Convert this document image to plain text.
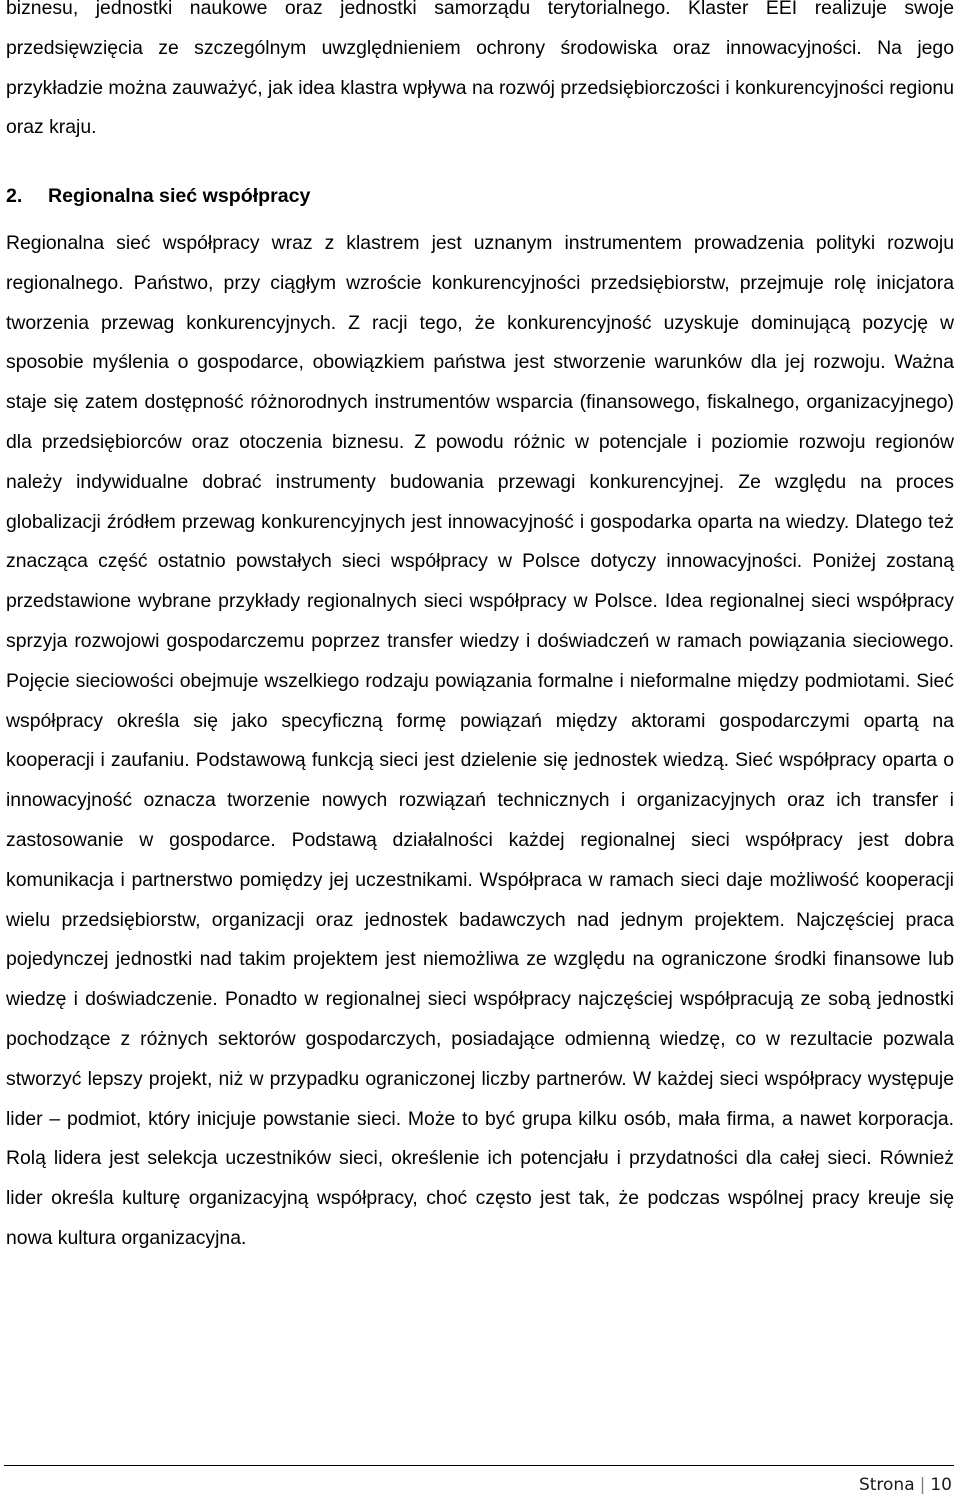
biznesu, jednostki naukowe oraz jednostki samorządu terytorialnego. Klaster EEI realizuje swoje przedsięwzięcia ze szczególnym uwzględnieniem ochrony środowiska oraz innowacyjności. Na jego przykładzie można zauważyć, jak idea klastra wpływa na rozwój przedsiębiorczości i konkurencyjności regionu oraz kraju.

2. Regionalna sieć współpracy

Regionalna sieć współpracy wraz z klastrem jest uznanym instrumentem prowadzenia polityki rozwoju regionalnego. Państwo, przy ciągłym wzroście konkurencyjności przedsiębiorstw, przejmuje rolę inicjatora tworzenia przewag konkurencyjnych. Z racji tego, że konkurencyjność uzyskuje dominującą pozycję w sposobie myślenia o gospodarce, obowiązkiem państwa jest stworzenie warunków dla jej rozwoju. Ważna staje się zatem dostępność różnorodnych instrumentów wsparcia (finansowego, fiskalnego, organizacyjnego) dla przedsiębiorców oraz otoczenia biznesu. Z powodu różnic w potencjale i poziomie rozwoju regionów należy indywidualne dobrać instrumenty budowania przewagi konkurencyjnej. Ze względu na proces globalizacji źródłem przewag konkurencyjnych jest innowacyjność i gospodarka oparta na wiedzy. Dlatego też znacząca część ostatnio powstałych sieci współpracy w Polsce dotyczy innowacyjności. Poniżej zostaną przedstawione wybrane przykłady regionalnych sieci współpracy w Polsce. Idea regionalnej sieci współpracy sprzyja rozwojowi gospodarczemu poprzez transfer wiedzy i doświadczeń w ramach powiązania sieciowego. Pojęcie sieciowości obejmuje wszelkiego rodzaju powiązania formalne i nieformalne między podmiotami. Sieć współpracy określa się jako specyficzną formę powiązań między aktorami gospodarczymi opartą na kooperacji i zaufaniu. Podstawową funkcją sieci jest dzielenie się jednostek wiedzą. Sieć współpracy oparta o innowacyjność oznacza tworzenie nowych rozwiązań technicznych i organizacyjnych oraz ich transfer i zastosowanie w gospodarce. Podstawą działalności każdej regionalnej sieci współpracy jest dobra komunikacja i partnerstwo pomiędzy jej uczestnikami. Współpraca w ramach sieci daje możliwość kooperacji wielu przedsiębiorstw, organizacji oraz jednostek badawczych nad jednym projektem. Najczęściej praca pojedynczej jednostki nad takim projektem jest niemożliwa ze względu na ograniczone środki finansowe lub wiedzę i doświadczenie. Ponadto w regionalnej sieci współpracy najczęściej współpracują ze sobą jednostki pochodzące z różnych sektorów gospodarczych, posiadające odmienną wiedzę, co w rezultacie pozwala stworzyć lepszy projekt, niż w przypadku ograniczonej liczby partnerów. W każdej sieci współpracy występuje lider – podmiot, który inicjuje powstanie sieci. Może to być grupa kilku osób, mała firma, a nawet korporacja. Rolą lidera jest selekcja uczestników sieci, określenie ich potencjału i przydatności dla całej sieci. Również lider określa kulturę organizacyjną współpracy, choć często jest tak, że podczas wspólnej pracy kreuje się nowa kultura organizacyjna.

Strona | 10
